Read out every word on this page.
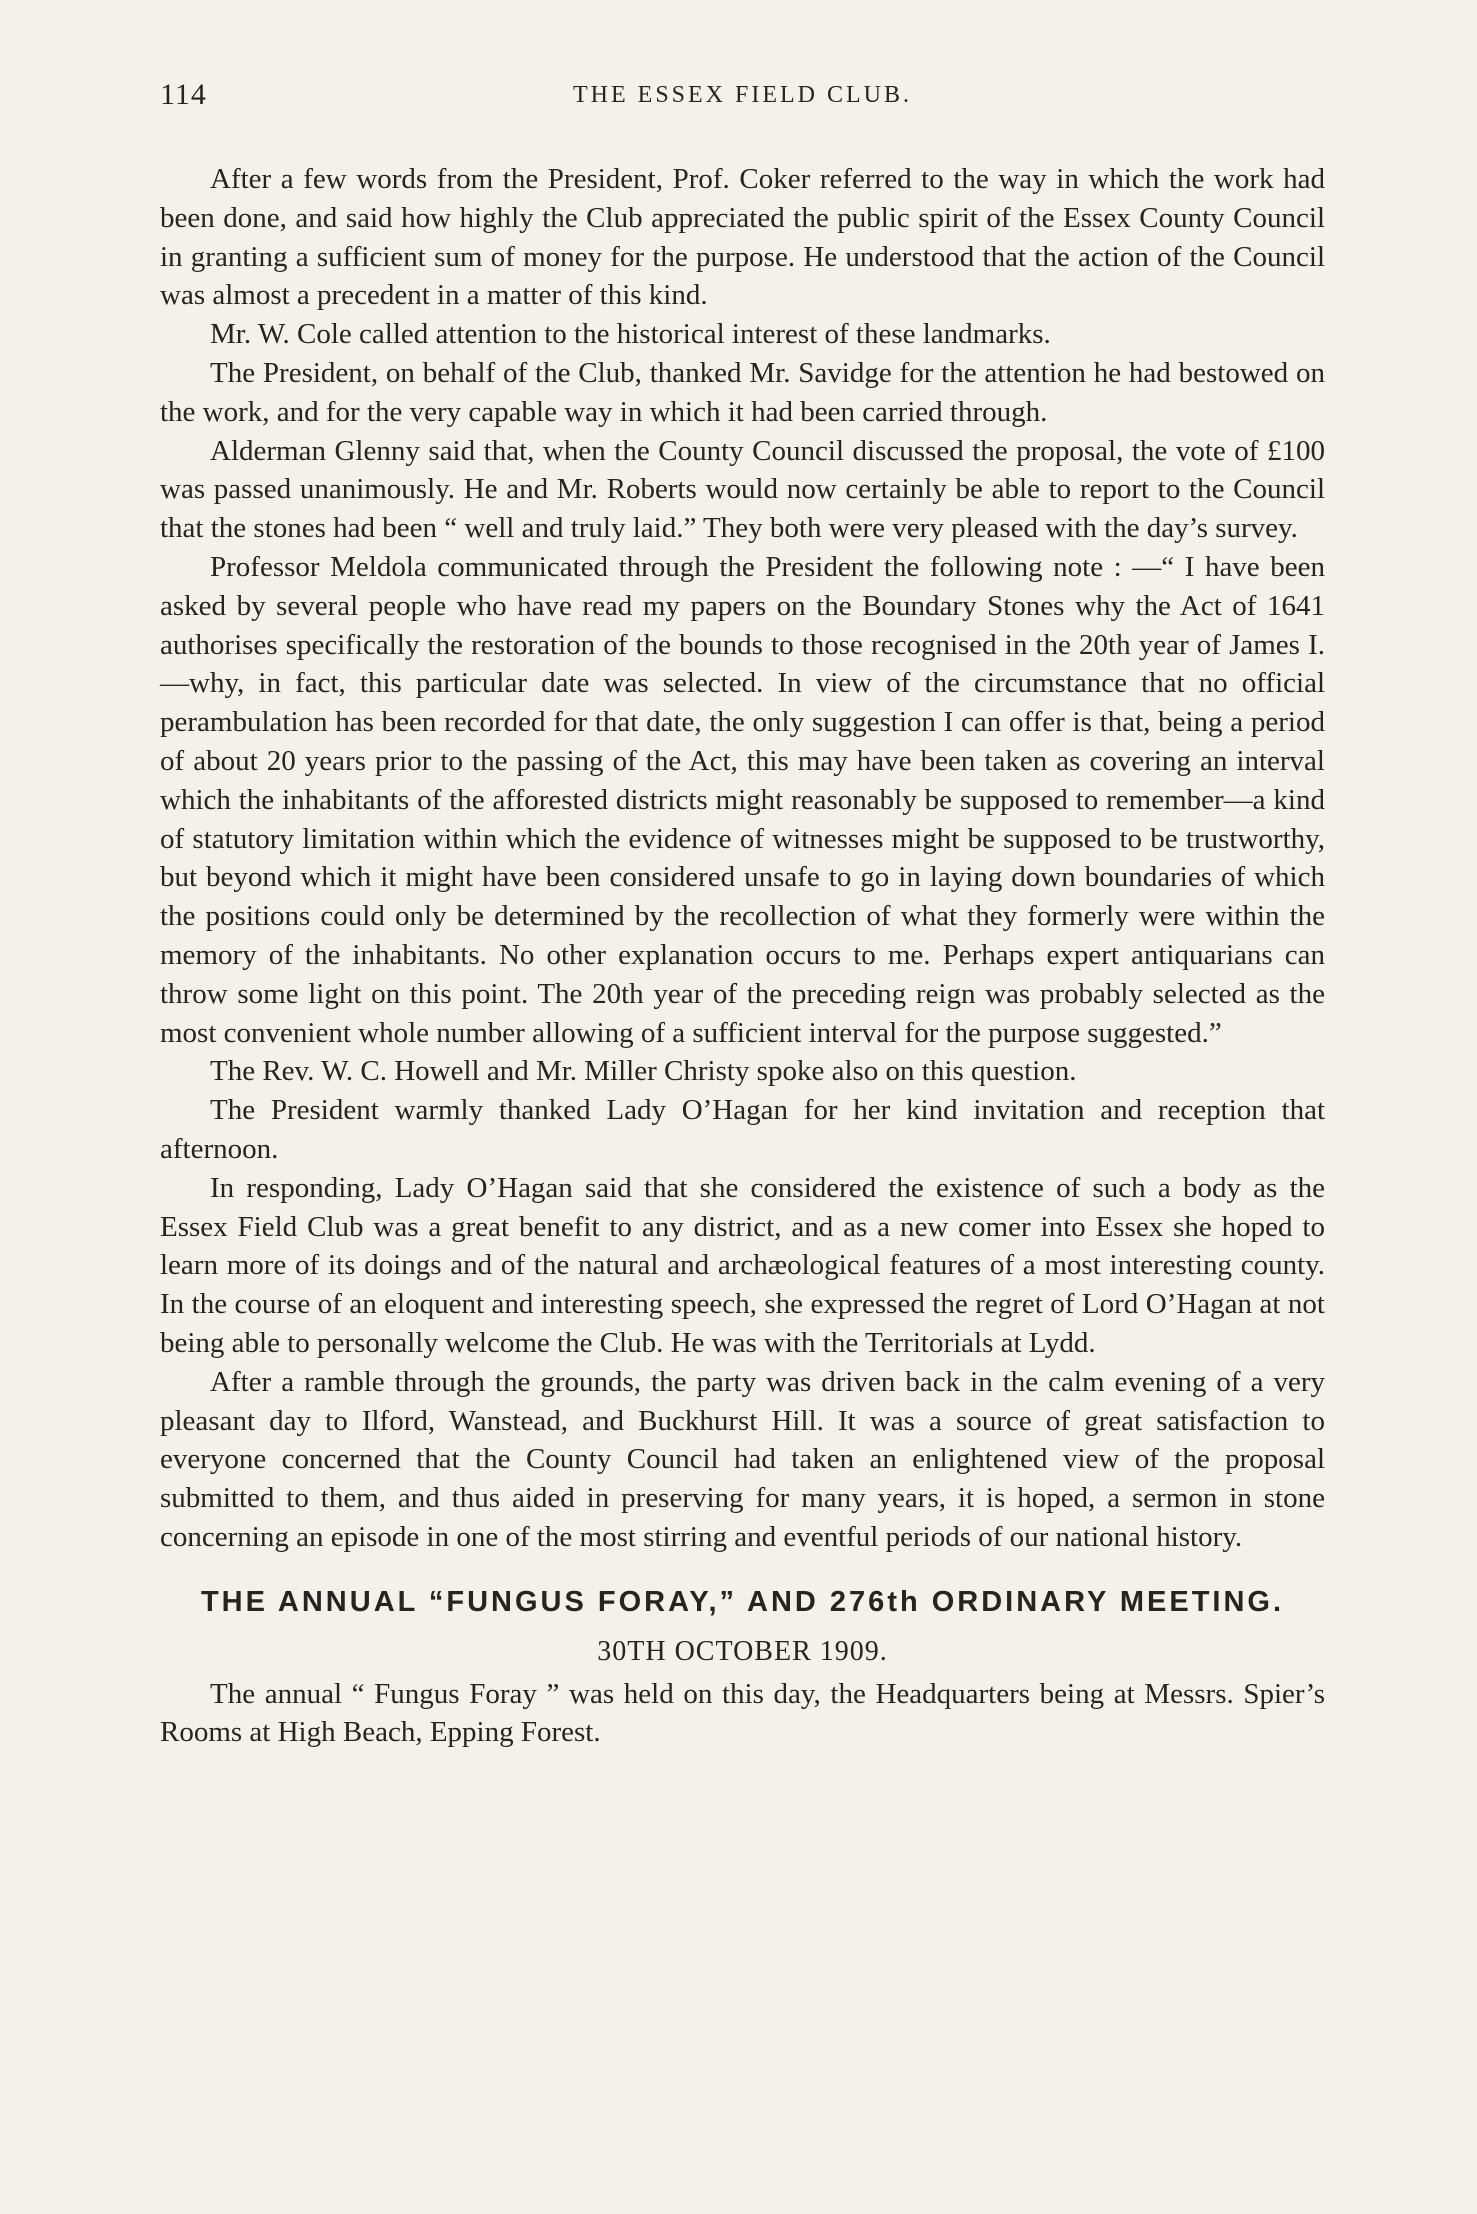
114	THE ESSEX FIELD CLUB.

After a few words from the President, Prof. Coker referred to the way in which the work had been done, and said how highly the Club appreciated the public spirit of the Essex County Council in granting a sufficient sum of money for the purpose. He understood that the action of the Council was almost a precedent in a matter of this kind.

Mr. W. Cole called attention to the historical interest of these landmarks.

The President, on behalf of the Club, thanked Mr. Savidge for the attention he had bestowed on the work, and for the very capable way in which it had been carried through.

Alderman Glenny said that, when the County Council discussed the proposal, the vote of £100 was passed unanimously. He and Mr. Roberts would now certainly be able to report to the Council that the stones had been “ well and truly laid.” They both were very pleased with the day’s survey.

Professor Meldola communicated through the President the following note : —“ I have been asked by several people who have read my papers on the Boundary Stones why the Act of 1641 authorises specifically the restoration of the bounds to those recognised in the 20th year of James I.—why, in fact, this particular date was selected. In view of the circumstance that no official perambulation has been recorded for that date, the only suggestion I can offer is that, being a period of about 20 years prior to the passing of the Act, this may have been taken as covering an interval which the inhabitants of the afforested districts might reasonably be supposed to remember—a kind of statutory limitation within which the evidence of witnesses might be supposed to be trustworthy, but beyond which it might have been considered unsafe to go in laying down boundaries of which the positions could only be determined by the recollection of what they formerly were within the memory of the inhabitants. No other explanation occurs to me. Perhaps expert antiquarians can throw some light on this point. The 20th year of the preceding reign was probably selected as the most convenient whole number allowing of a sufficient interval for the purpose suggested.”

The Rev. W. C. Howell and Mr. Miller Christy spoke also on this question.

The President warmly thanked Lady O’Hagan for her kind invitation and reception that afternoon.

In responding, Lady O’Hagan said that she considered the existence of such a body as the Essex Field Club was a great benefit to any district, and as a new comer into Essex she hoped to learn more of its doings and of the natural and archæological features of a most interesting county. In the course of an eloquent and interesting speech, she expressed the regret of Lord O’Hagan at not being able to personally welcome the Club. He was with the Territorials at Lydd.

After a ramble through the grounds, the party was driven back in the calm evening of a very pleasant day to Ilford, Wanstead, and Buckhurst Hill. It was a source of great satisfaction to everyone concerned that the County Council had taken an enlightened view of the proposal submitted to them, and thus aided in preserving for many years, it is hoped, a sermon in stone concerning an episode in one of the most stirring and eventful periods of our national history.

THE ANNUAL “FUNGUS FORAY,” AND 276th ORDINARY MEETING.
30TH OCTOBER 1909.

The annual “ Fungus Foray ” was held on this day, the Headquarters being at Messrs. Spier’s Rooms at High Beach, Epping Forest.
